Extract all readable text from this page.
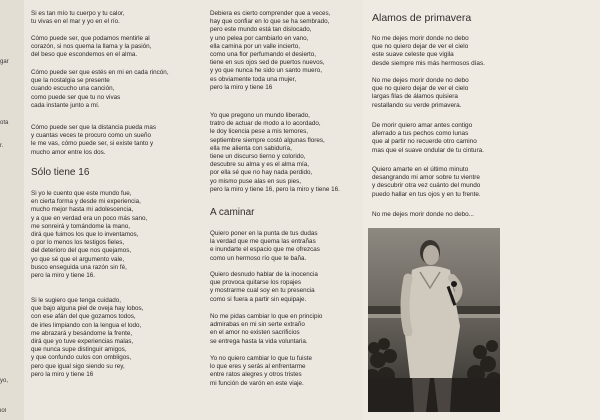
gar
ofá
r.
yo,
iol

Si es tan mío tu cuerpo y tu calor,
tu vivas en el mar y yo en el río.

Cómo puede ser, que podamos mentirle al
corazón, si nos quema la llama y la pasión,
del beso que escondemos en el alma.

Cómo puede ser que estés en mi en cada rincón,
que la nostalgia se presente
cuando escucho una canción,
como puede ser que tu no vivas
cada instante junto a mí.

Cómo puede ser que la distancia pueda mas
y cuantas veces te procuro como un sueño
le me vas, cómo puede ser, si existe tanto y
mucho amor entre los dos.

Sólo tiene 16

Si yo le cuento que este mundo fue,
en cierta forma y desde mi experiencia,
mucho mejor hasta mi adolescencia,
y a que en verdad era un poco más sano,
me sonreirá y tomándome la mano,
dirá que fuimos los que lo inventamos,
o por lo menos los testigos fieles,
del deterioro del que nos quejamos,
yo que sé que el argumento vale,
busco enseguida una razón sin fé,
pero la miro y tiene 16.

Si le sugiero que tenga cuidado,
que bajo alguna piel de oveja hay lobos,
con ese afán del que gozamos todos,
de irles limpiando con la lengua el lodo,
me abrazará y besándome la frente,
dirá que yo tuve experiencias malas,
que nunca supe distinguir amigos,
y que confundo culos con ombligos,
pero que igual sigo siendo su rey,
pero la miro y tiene 16

Debiera es cierto comprender que a veces,
hay que confiar en lo que se ha sembrado,
pero este mundo está tan dislocado,
y uno pelea por cambiarlo en vano,
ella camina por un valle incierto,
como una flor perfumando el desierto,
tiene en sus ojos sed de puertos nuevos,
y yo que nunca he sido un santo muero,
es obviamente toda una mujer,
pero la miro y tiene 16

Yo que pregono un mundo liberado,
tratro de actuar de modo a lo acordado,
le doy licencia pese a mis temores,
septiembre siempre costó algunas flores,
ella me alienta con sabiduría,
tiene un discurso tierno y colorido,
descubre su alma y es el alma mía,
por ella sé que no hay nada perdido,
yo mismo puse alas en sus pies,
pero la miro y tiene 16, pero la miro y tiene 16.

A caminar

Quiero poner en la punta de tus dudas
la verdad que me quema las entrañas
e inundarte el espacio que me ofrezcas
como un hermoso río que te baña.

Quiero desnudo hablar de la inocencia
que provoca quitarse los ropajes
y mostrarme cual soy en tu presencia
como si fuera a partir sin equipaje.

No me pidas cambiar lo que en principio
admirabas en mi sin serte extraño
en el amor no existen sacrificios
se entrega hasta la vida voluntaria.

Yo no quiero cambiar lo que tu fuiste
lo que eres y serás al enfrentarme
entre ratos alegres y otros tristes
mi función de varón en este viaje.

Alamos de primavera

No me dejes morir donde no debo
que no quiero dejar de ver el cielo
este suave celeste que vigila
desde siempre mis más hermosos días.

No me dejes morir donde no debo
que no quiero dejar de ver el cielo
largas filas de álamos quisiera
restallando su verde primavera.

De morir quiero amar antes contigo
aferrado a tus pechos como lunas
que al partir no recuerde otro camino
mas que el suave ondular de tu cintura.

Quiero amarte en el último minuto
desangrando mi amor sobre tu vientre
y descubrir otra vez cuánto del mundo
puedo hallar en tus ojos y en tu frente.

No me dejes morir donde no debo...
